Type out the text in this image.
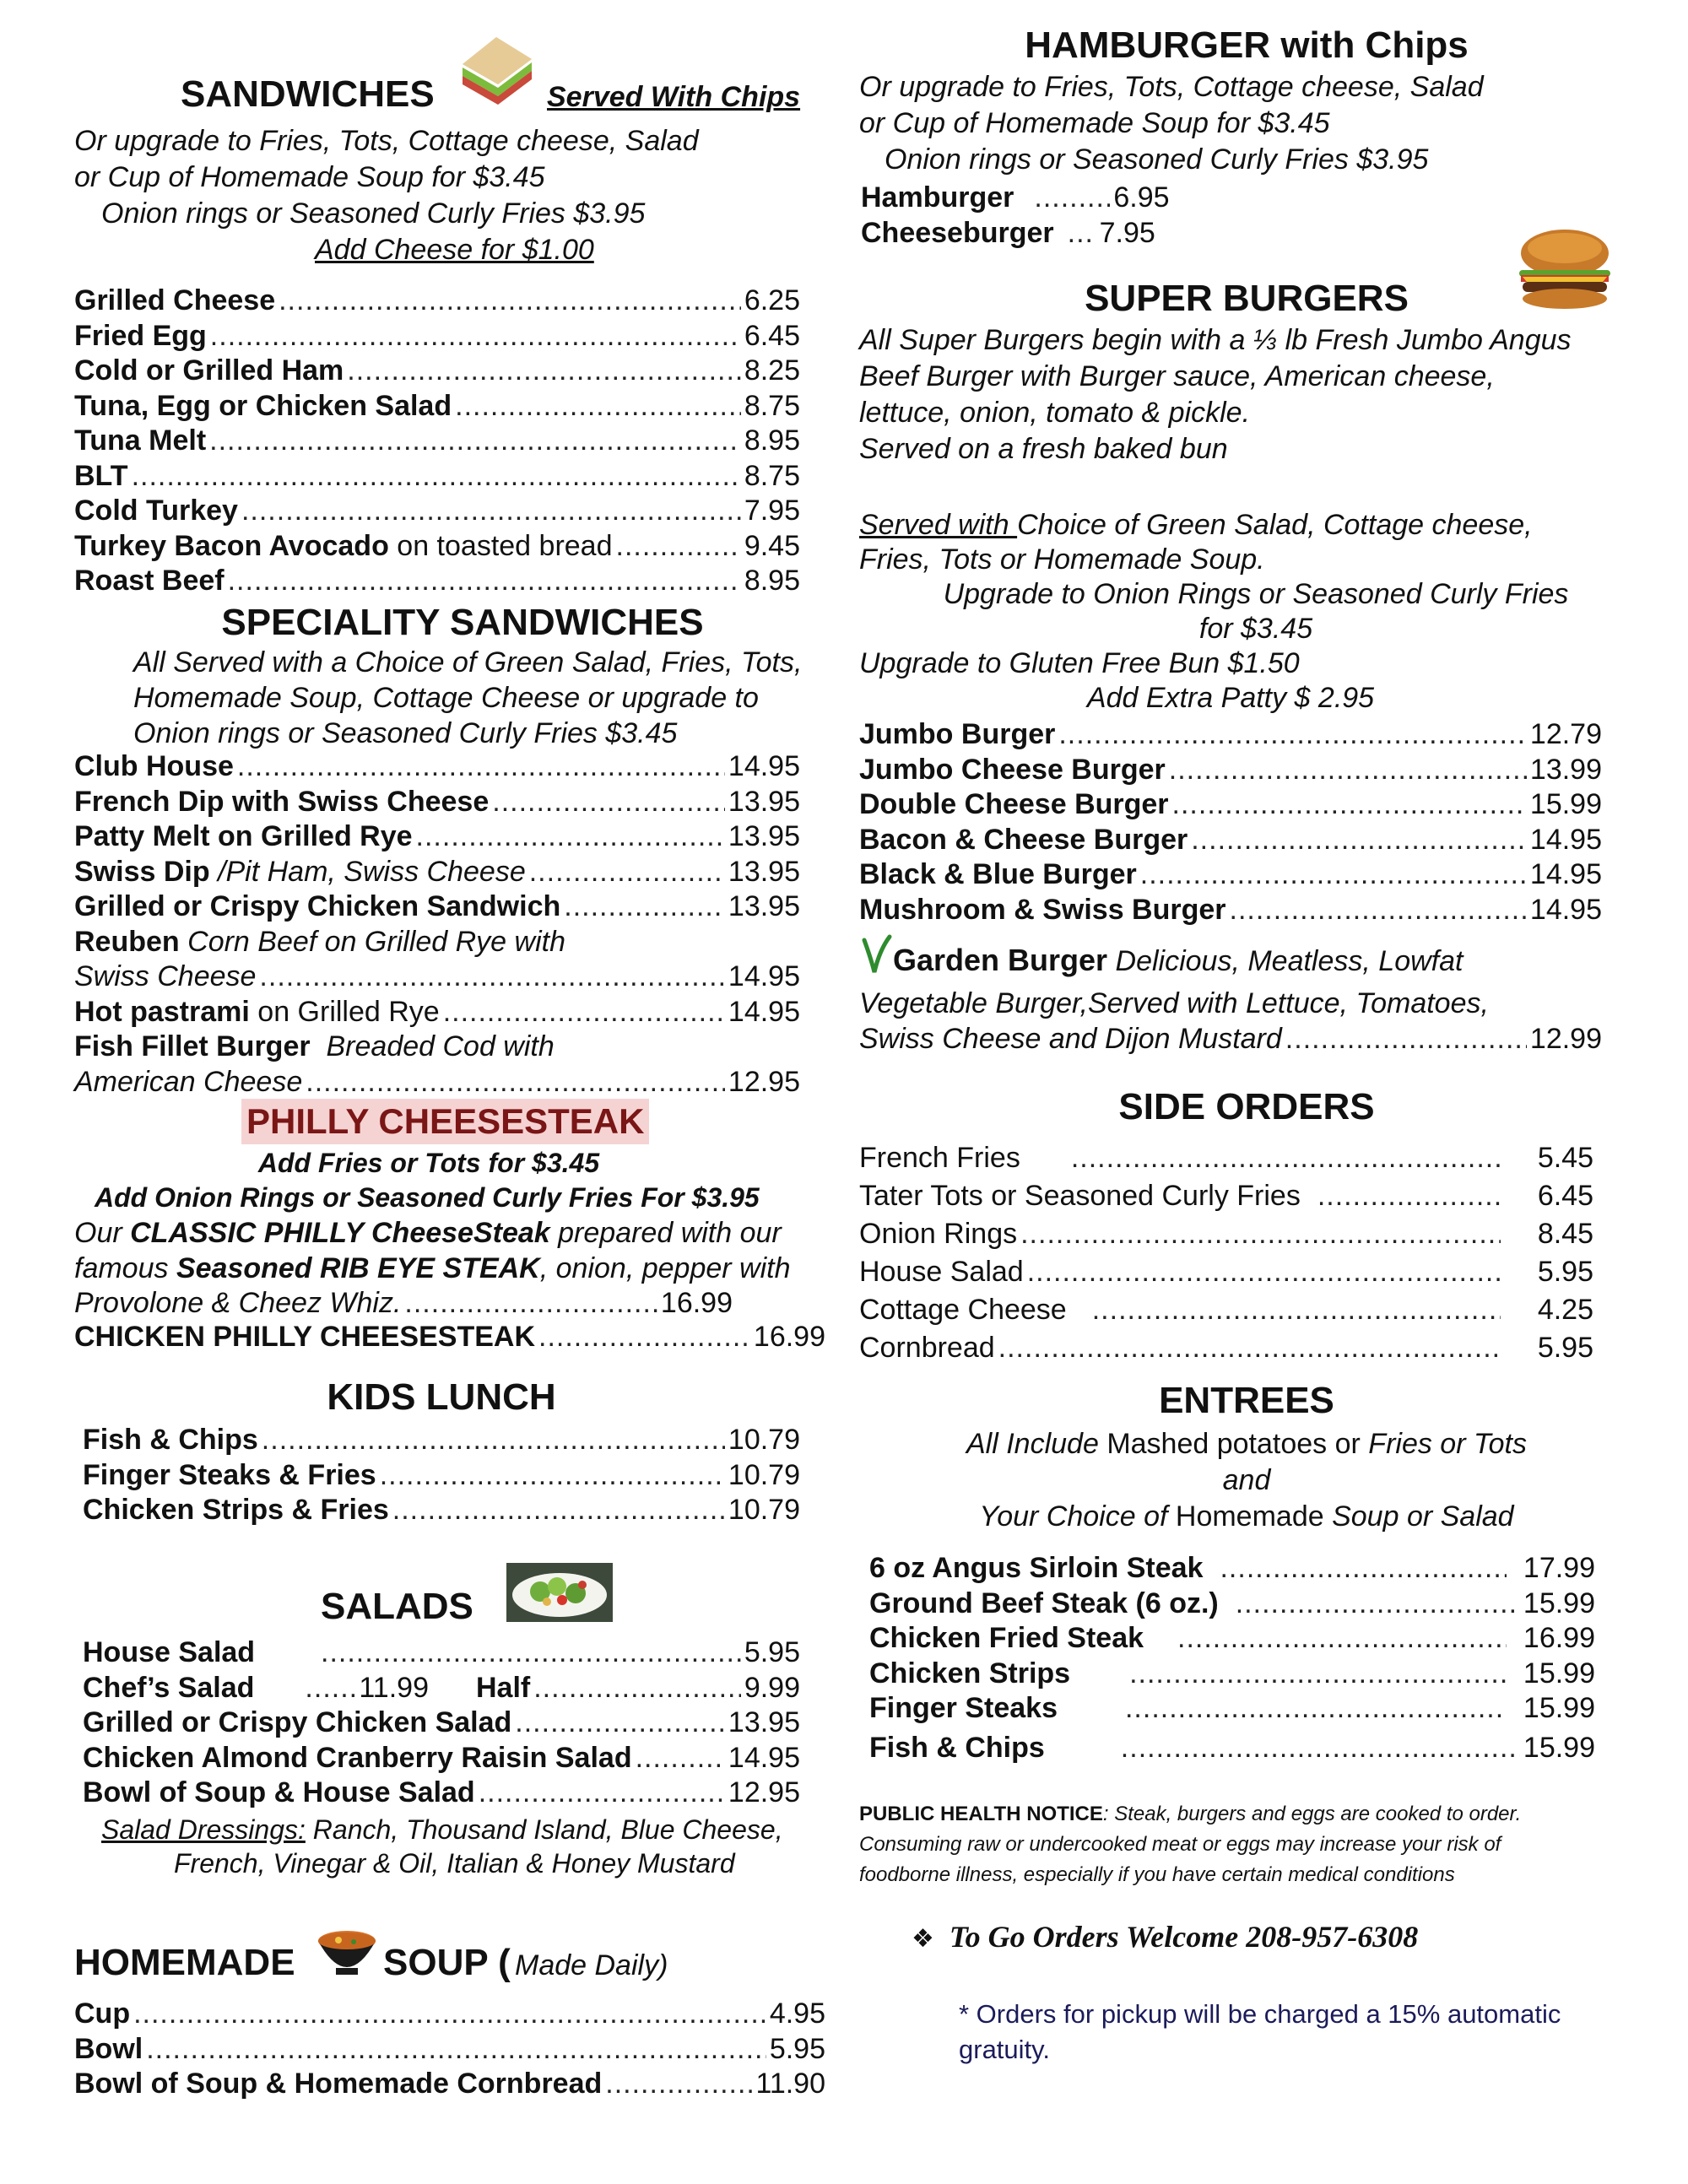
SANDWICHES	Served With Chips
Or upgrade to Fries, Tots, Cottage cheese, Salad
or Cup of Homemade Soup for $3.45
Onion rings or Seasoned Curly Fries $3.95
Add Cheese for $1.00
Grilled Cheese .....	6.25
Fried Egg .....	6.45
Cold or Grilled Ham .....	8.25
Tuna, Egg or Chicken Salad .....	8.75
Tuna Melt .....	8.95
BLT .....	8.75
Cold Turkey .....	7.95
Turkey Bacon Avocado
on toasted bread .....	9.45
Roast Beef .....	8.95
SPECIALITY SANDWICHES
All Served with a Choice of Green Salad, Fries, Tots,
Homemade Soup, Cottage Cheese or upgrade to
Onion rings or Seasoned Curly Fries $3.45
Club House .....	14.95
French Dip with Swiss Cheese .....	13.95
Patty Melt on Grilled Rye .....	13.95
Swiss Dip
/Pit Ham, Swiss Cheese .....	13.95
Grilled or Crispy Chicken Sandwich .....	13.95
Reuben
Corn Beef on Grilled Rye with
Swiss Cheese .....	14.95
Hot pastrami
on Grilled Rye .....	14.95
Fish Fillet Burger
Breaded Cod with
American Cheese .....	12.95
PHILLY CHEESESTEAK
Add Fries or Tots for $3.45
Add Onion Rings or Seasoned Curly Fries For $3.95
Our CLASSIC PHILLY CheeseSteak prepared with our
famous Seasoned RIB EYE STEAK, onion, pepper with
Provolone & Cheez Whiz. .....	16.99
CHICKEN PHILLY CHEESESTEAK .....	16.99
KIDS LUNCH
Fish & Chips .....	10.79
Finger Steaks & Fries .....	10.79
Chicken Strips & Fries .....	10.79
SALADS
House Salad .....	5.95
Chef’s Salad .....	11.99 Half .....	9.99
Grilled or Crispy Chicken Salad .....	13.95
Chicken Almond Cranberry Raisin Salad .....	14.95
Bowl of Soup & House Salad .....	12.95
Salad Dressings: Ranch, Thousand Island, Blue Cheese,
French, Vinegar & Oil, Italian & Honey Mustard
HOMEMADE SOUP ( Made Daily)
Cup .....	4.95
Bowl .....	5.95
Bowl of Soup & Homemade Cornbread .....	11.90
HAMBURGER with Chips
Or upgrade to Fries, Tots, Cottage cheese, Salad
or Cup of Homemade Soup for $3.45
Onion rings or Seasoned Curly Fries $3.95
Hamburger .....	6.95
Cheeseburger ..... 7.95
SUPER BURGERS
All Super Burgers begin with a ⅓ lb Fresh Jumbo Angus
Beef Burger with Burger sauce, American cheese,
lettuce, onion, tomato & pickle.
Served on a fresh baked bun
Served with Choice of Green Salad, Cottage cheese,
Fries, Tots or Homemade Soup.
Upgrade to Onion Rings or Seasoned Curly Fries
for $3.45
Upgrade to Gluten Free Bun $1.50
Add Extra Patty $ 2.95
Jumbo Burger .....	12.79
Jumbo Cheese Burger .....	13.99
Double Cheese Burger .....	15.99
Bacon & Cheese Burger .....	14.95
Black & Blue Burger .....	14.95
Mushroom & Swiss Burger .....	14.95
Garden Burger Delicious, Meatless, Lowfat
Vegetable Burger,Served with Lettuce, Tomatoes,
Swiss Cheese and Dijon Mustard .....	12.99
SIDE ORDERS
French Fries .....	5.45
Tater Tots or Seasoned Curly Fries .....	6.45
Onion Rings .....	8.45
House Salad .....	5.95
Cottage Cheese .....	4.25
Cornbread .....	5.95
ENTREES
All Include Mashed potatoes or Fries or Tots
and
Your Choice of Homemade Soup or Salad
6 oz Angus Sirloin Steak .....	17.99
Ground Beef Steak (6 oz.) .....	15.99
Chicken Fried Steak .....	16.99
Chicken Strips .....	15.99
Finger Steaks .....	15.99
Fish & Chips .....	15.99
PUBLIC HEALTH NOTICE: Steak, burgers and eggs are cooked to order.
Consuming raw or undercooked meat or eggs may increase your risk of
foodborne illness, especially if you have certain medical conditions
❖ To Go Orders Welcome 208-957-6308
* Orders for pickup will be charged a 15% automatic
gratuity.
